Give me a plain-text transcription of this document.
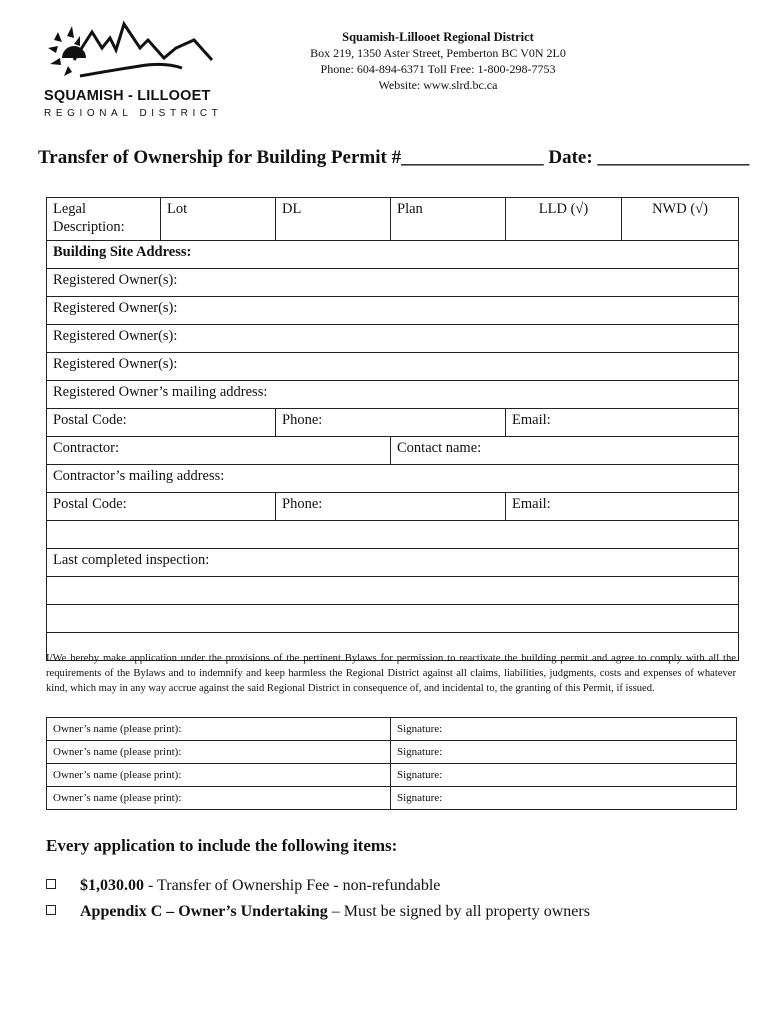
SQUAMISH - LILLOOET
REGIONAL DISTRICT
Squamish-Lillooet Regional District
Box 219, 1350 Aster Street, Pemberton BC V0N 2L0
Phone: 604-894-6371 Toll Free: 1-800-298-7753
Website: www.slrd.bc.ca
Transfer of Ownership for Building Permit #_______________ Date: ________________
Legal Description:	Lot	DL	Plan	LLD (√)	NWD (√)
Building Site Address:					
Registered Owner(s):					
Registered Owner(s):					
Registered Owner(s):					
Registered Owner(s):					
Registered Owner’s mailing address:					
Postal Code:		Phone:		Email:	
Contractor:			Contact name:		
Contractor’s mailing address:					
Postal Code:		Phone:		Email:	

Last completed inspection:					

I/We hereby make application under the provisions of the pertinent Bylaws for permission to reactivate the building permit and agree to comply with all the requirements of the Bylaws and to indemnify and keep harmless the Regional District against all claims, liabilities, judgments, costs and expenses of whatever kind, which may in any way accrue against the said Regional District in consequence of, and incidental to, the granting of this Permit, if issued.
Owner’s name (please print):	Signature:
Owner’s name (please print):	Signature:
Owner’s name (please print):	Signature:
Owner’s name (please print):	Signature:
Every application to include the following items:
$1,030.00 - Transfer of Ownership Fee - non-refundable
Appendix C – Owner’s Undertaking – Must be signed by all property owners
